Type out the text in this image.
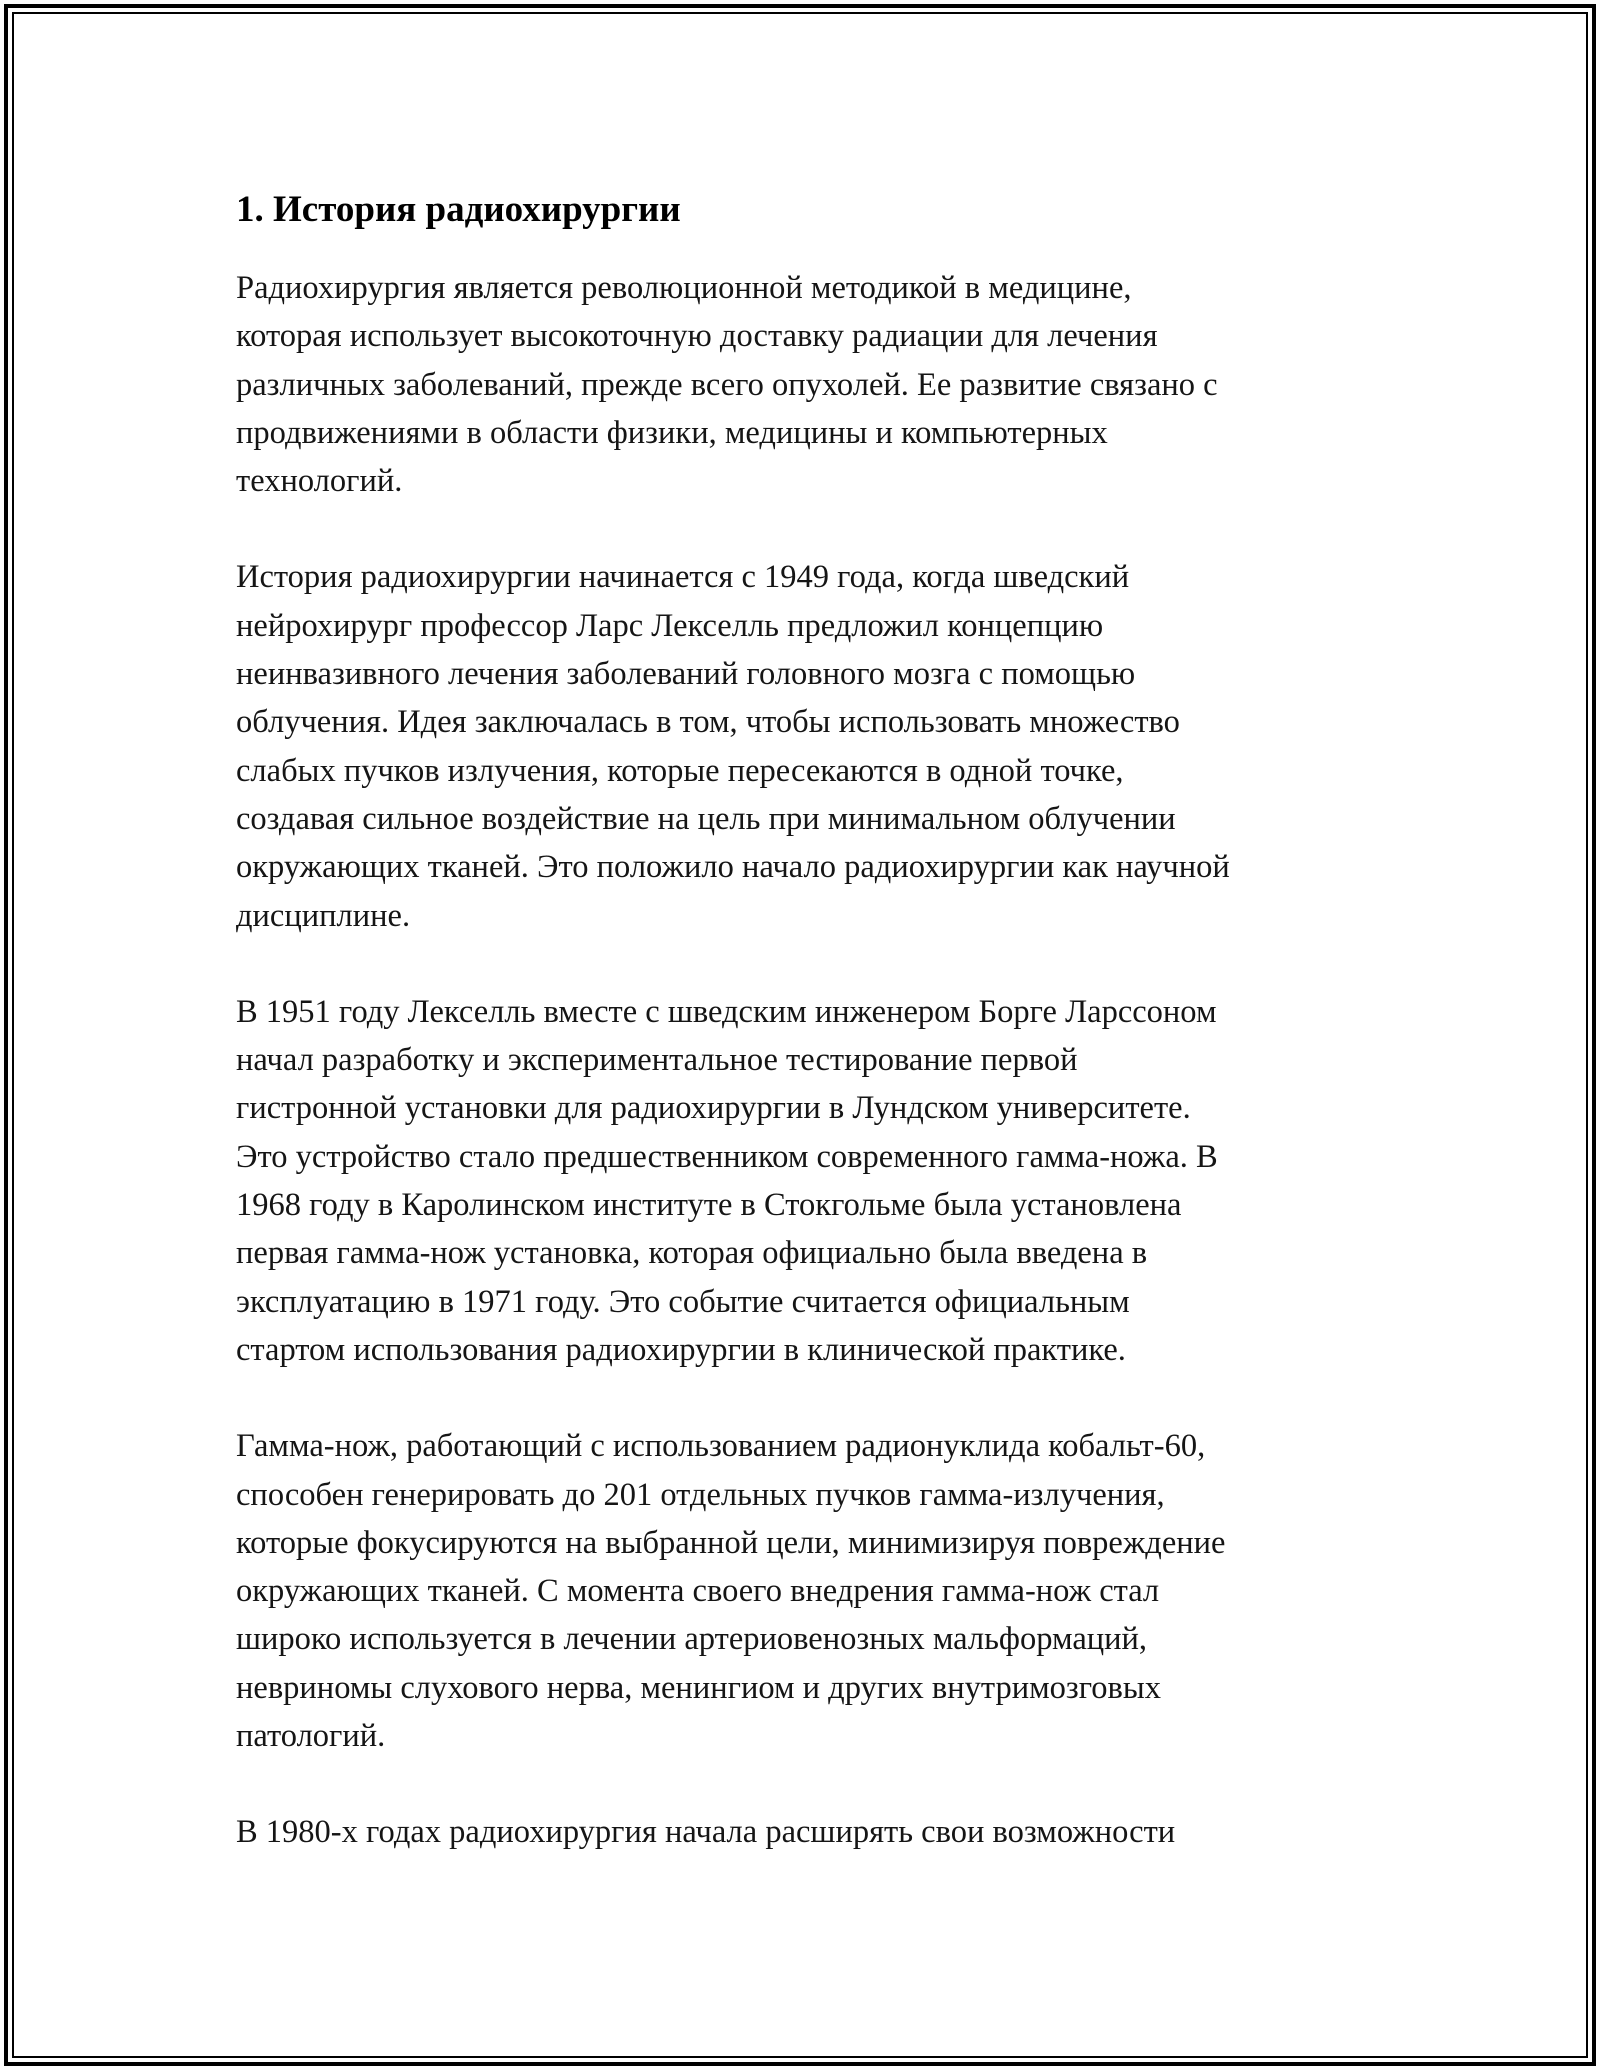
1. История радиохирургии

Радиохирургия является революционной методикой в медицине,
которая использует высокоточную доставку радиации для лечения
различных заболеваний, прежде всего опухолей. Ее развитие связано с
продвижениями в области физики, медицины и компьютерных
технологий.

История радиохирургии начинается с 1949 года, когда шведский
нейрохирург профессор Ларс Лекселль предложил концепцию
неинвазивного лечения заболеваний головного мозга с помощью
облучения. Идея заключалась в том, чтобы использовать множество
слабых пучков излучения, которые пересекаются в одной точке,
создавая сильное воздействие на цель при минимальном облучении
окружающих тканей. Это положило начало радиохирургии как научной
дисциплине.

В 1951 году Лекселль вместе с шведским инженером Борге Ларссоном
начал разработку и экспериментальное тестирование первой
гистронной установки для радиохирургии в Лундском университете.
Это устройство стало предшественником современного гамма-ножа. В
1968 году в Каролинском институте в Стокгольме была установлена
первая гамма-нож установка, которая официально была введена в
эксплуатацию в 1971 году. Это событие считается официальным
стартом использования радиохирургии в клинической практике.

Гамма-нож, работающий с использованием радионуклида кобальт-60,
способен генерировать до 201 отдельных пучков гамма-излучения,
которые фокусируются на выбранной цели, минимизируя повреждение
окружающих тканей. С момента своего внедрения гамма-нож стал
широко используется в лечении артериовенозных мальформаций,
невриномы слухового нерва, менингиом и других внутримозговых
патологий.

В 1980-х годах радиохирургия начала расширять свои возможности
